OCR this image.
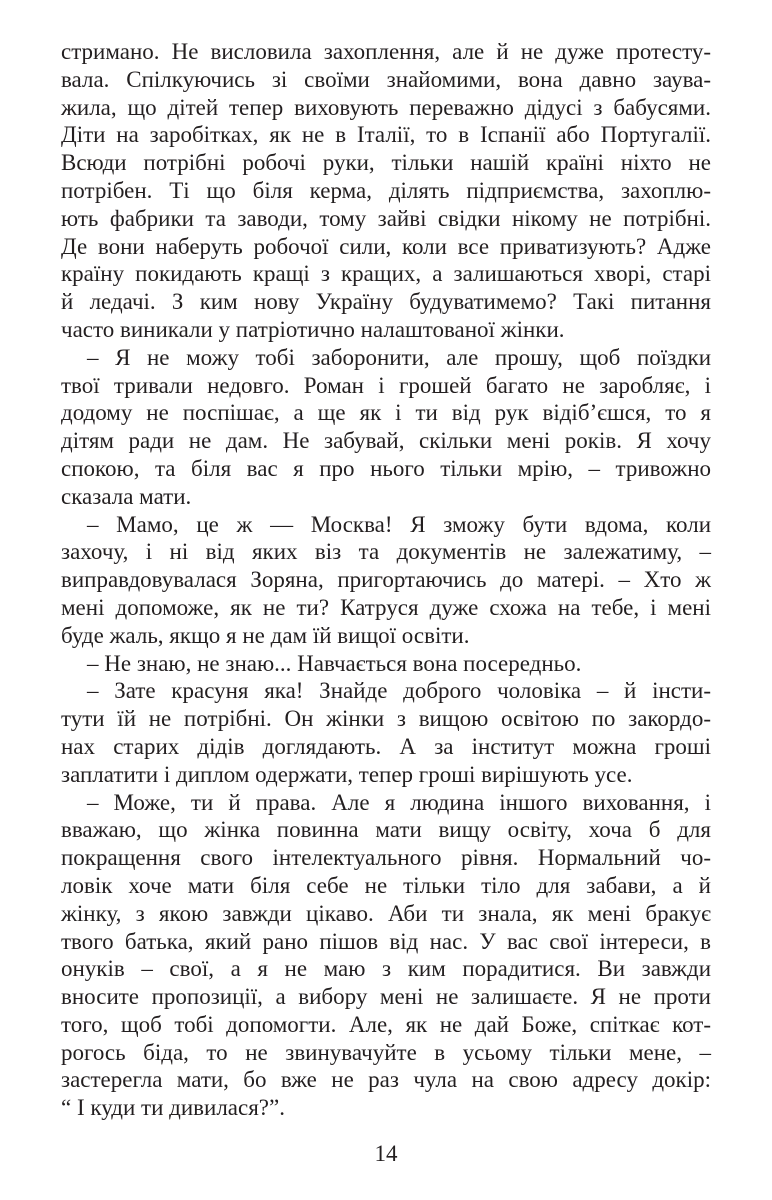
стримано. Не висловила захоплення, але й не дуже протесту-
вала. Спілкуючись зі своїми знайомими, вона давно заува-
жила, що дітей тепер виховують переважно дідусі з бабусями.
Діти на заробітках, як не в Італії, то в Іспанії або Португалії.
Всюди потрібні робочі руки, тільки нашій країні ніхто не
потрібен. Ті що біля керма, ділять підприємства, захоплю-
ють фабрики та заводи, тому зайві свідки нікому не потрібні.
Де вони наберуть робочої сили, коли все приватизують? Адже
країну покидають кращі з кращих, а залишаються хворі, старі
й ледачі. З ким нову Україну будуватимемо? Такі питання
часто виникали у патріотично налаштованої жінки.
– Я не можу тобі заборонити, але прошу, щоб поїздки
твої тривали недовго. Роман і грошей багато не заробляє, і
додому не поспішає, а ще як і ти від рук відіб’єшся, то я
дітям ради не дам. Не забувай, скільки мені років. Я хочу
спокою, та біля вас я про нього тільки мрію, – тривожно
сказала мати.
– Мамо, це ж — Москва! Я зможу бути вдома, коли
захочу, і ні від яких віз та документів не залежатиму, –
виправдовувалася Зоряна, пригортаючись до матері. – Хто ж
мені допоможе, як не ти? Катруся дуже схожа на тебе, і мені
буде жаль, якщо я не дам їй вищої освіти.
– Не знаю, не знаю... Навчається вона посередньо.
– Зате красуня яка! Знайде доброго чоловіка – й інсти-
тути їй не потрібні. Он жінки з вищою освітою по закордо-
нах старих дідів доглядають. А за інститут можна гроші
заплатити і диплом одержати, тепер гроші вирішують усе.
– Може, ти й права. Але я людина іншого виховання, і
вважаю, що жінка повинна мати вищу освіту, хоча б для
покращення свого інтелектуального рівня. Нормальний чо-
ловік хоче мати біля себе не тільки тіло для забави, а й
жінку, з якою завжди цікаво. Аби ти знала, як мені бракує
твого батька, який рано пішов від нас. У вас свої інтереси, в
онуків – свої, а я не маю з ким порадитися. Ви завжди
вносите пропозиції, а вибору мені не залишаєте. Я не проти
того, щоб тобі допомогти. Але, як не дай Боже, спіткає кот-
рогось біда, то не звинувачуйте в усьому тільки мене, –
застерегла мати, бо вже не раз чула на свою адресу докір:
“ І куди ти дивилася?”.
14
